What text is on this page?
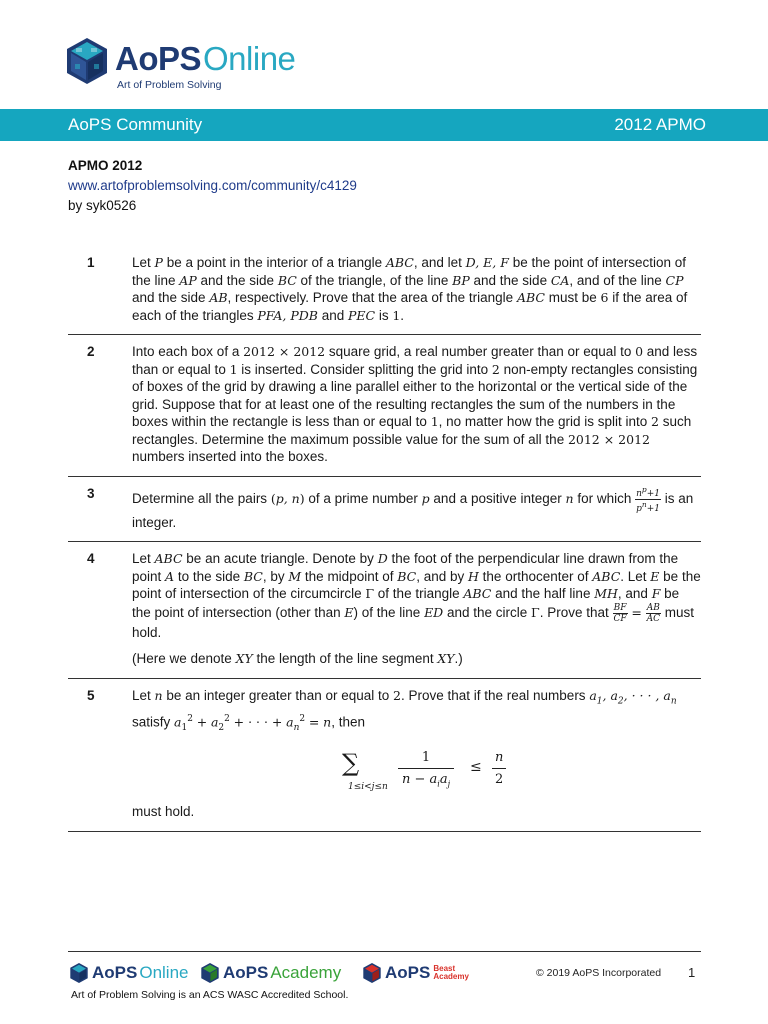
AoPSOnline
Art of Problem Solving
AoPS Community	2012 APMO
APMO 2012
www.artofproblemsolving.com/community/c4129
by syk0526
1	Let P be a point in the interior of a triangle ABC, and let D, E, F be the point of intersection of the line AP and the side BC of the triangle, of the line BP and the side CA, and of the line CP and the side AB, respectively. Prove that the area of the triangle ABC must be 6 if the area of each of the triangles PFA, PDB and PEC is 1.

2	Into each box of a 2012 × 2012 square grid, a real number greater than or equal to 0 and less than or equal to 1 is inserted. Consider splitting the grid into 2 non-empty rectangles consisting of boxes of the grid by drawing a line parallel either to the horizontal or the vertical side of the grid. Suppose that for at least one of the resulting rectangles the sum of the numbers in the boxes within the rectangle is less than or equal to 1, no matter how the grid is split into 2 such rectangles. Determine the maximum possible value for the sum of all the 2012 × 2012 numbers inserted into the boxes.

3	Determine all the pairs (p, n) of a prime number p and a positive integer n for which $\frac{n^p+1}{p^n+1}$ is an integer.

4	Let ABC be an acute triangle. Denote by D the foot of the perpendicular line drawn from the point A to the side BC, by M the midpoint of BC, and by H the orthocenter of ABC. Let E be the point of intersection of the circumcircle Γ of the triangle ABC and the half line MH, and F be the point of intersection (other than E) of the line ED and the circle Γ. Prove that $\frac{BF}{CF} = \frac{AB}{AC}$ must hold.

(Here we denote XY the length of the line segment XY.)

5	Let n be an integer greater than or equal to 2. Prove that if the real numbers $a_1$, $a_2$, · · · , $a_n$ satisfy $a_1^2 + a_2^2$ + · · · + $a_n^2 = n$, then

∑
1≤i<j≤n
1
$n - a_ia_j$
≤ $\frac{n}{2}$

must hold.

AoPS Online AoPS Academy	AoPS Beast Academy	© 2019 AoPS Incorporated 1
Art of Problem Solving is an ACS WASC Accredited School.
